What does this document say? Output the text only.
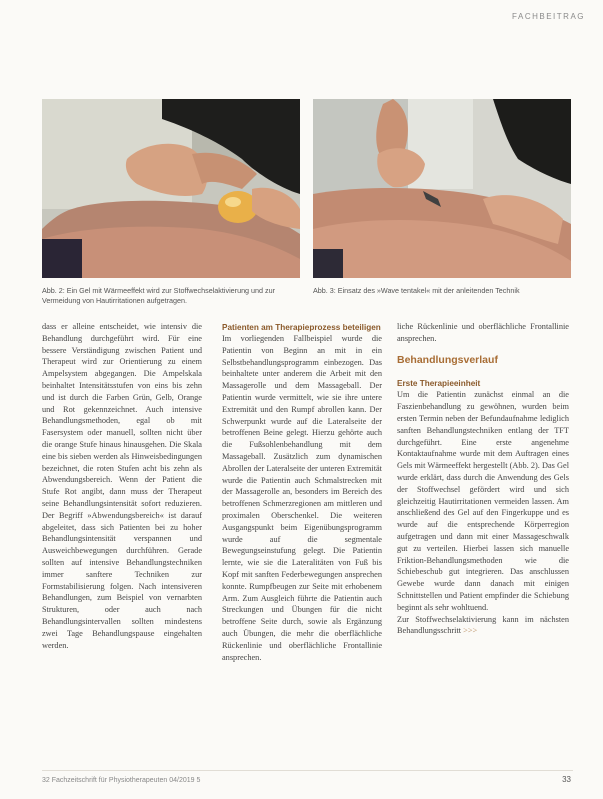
FACHBEITRAG
Abb. 2: Ein Gel mit Wärmeeffekt wird zur Stoffwechselaktivierung und zur Vermeidung von Hautirritationen aufgetragen.
Abb. 3: Einsatz des »Wave tentakel« mit der anleitenden Technik

dass er alleine entscheidet, wie intensiv die Behandlung durchgeführt wird. Für eine bessere Verständigung zwischen Patient und Therapeut wird zur Orientierung zu einem Ampelsystem abgegangen. Die Ampelskala beinhaltet Intensitätsstufen von eins bis zehn und ist durch die Farben Grün, Gelb, Orange und Rot gekennzeichnet. Auch intensive Behandlungsmethoden, egal ob mit Fasersystem oder manuell, sollten nicht über die orange Stufe hinaus hinausgehen. Die Skala eine bis sieben werden als Hinweisbedingungen bezeichnet, die roten Stufen acht bis zehn als Abwendungsbereich. Wenn der Patient die Stufe Rot angibt, dann muss der Therapeut seine Behandlungsintensität sofort reduzieren. Der Begriff »Abwendungsbereich« ist darauf abgeleitet, dass sich Patienten bei zu hoher Behandlungsintensität verspannen und Ausweichbewegungen durchführen. Gerade sollten auf intensive Behandlungstechniken immer sanftere Techniken zur Formstabilisierung folgen. Nach intensiveren Behandlungen, zum Beispiel von vernarbten Strukturen, oder auch nach Behandlungsintervallen sollten mindestens zwei Tage Behandlungspause eingehalten werden.

Patienten am Therapieprozess beteiligen

Im vorliegenden Fallbeispiel wurde die Patientin von Beginn an mit in ein Selbstbehandlungsprogramm einbezogen. Das beinhaltete unter anderem die Arbeit mit den Massagerolle und dem Massageball. Der Patientin wurde vermittelt, wie sie ihre untere Extremität und den Rumpf abrollen kann. Der Schwerpunkt wurde auf die Lateralseite der betroffenen Beine gelegt. Hierzu gehörte auch die Fußsohlenbehandlung mit dem Massageball. Zusätzlich zum dynamischen Abrollen der Lateralseite der unteren Extremität wurde die Patientin auch Schmalstrecken mit der Massagerolle an, besonders im Bereich des betroffenen Schmerzregionen am mittleren und proximalen Oberschenkel. Die weiteren Ausgangspunkt beim Eigenübungsprogramm wurde auf die segmentale Bewegungseinstufung gelegt. Die Patientin lernte, wie sie die Lateralitäten von Fuß bis Kopf mit sanften Federbewegungen ansprechen konnte. Rumpfbeugen zur Seite mit erhobenem Arm. Zum Ausgleich führte die Patientin auch Streckungen und Übungen für die nicht betroffene Seite durch, sowie als Ergänzung auch Übungen, die mehr die oberflächliche Rückenlinie und oberflächliche Frontallinie ansprechen.

liche Rückenlinie und oberflächliche Frontallinie ansprechen.

Behandlungsverlauf
Erste Therapieeinheit

Um die Patientin zunächst einmal an die Faszienbehandlung zu gewöhnen, wurden beim ersten Termin neben der Befundaufnahme lediglich sanften Behandlungstechniken entlang der TFT durchgeführt. Eine erste angenehme Kontaktaufnahme wurde mit dem Auftragen eines Gels mit Wärmeeffekt hergestellt (Abb. 2). Das Gel wurde erklärt, dass durch die Anwendung des Gels der Stoffwechsel gefördert wird und sich gleichzeitig Hautirritationen vermeiden lassen. Am anschließend des Gel auf den Fingerkuppe und es wurde auf die entsprechende Körperregion aufgetragen und dann mit einer Massageschwalk gut zu verteilen. Hierbei lassen sich manuelle Friktion-Behandlungsmethoden wie die Schiebeschub gut integrieren. Das anschlussen Gewebe wurde dann danach mit einigen Schnittstellen und Patient empfinder die Schiebung beginnt als sehr wohltuend.

Zur Stoffwechselaktivierung kann im nächsten Behandlungsschritt >>>

32 Fachzeitschrift für Physiotherapeuten 04/2019 5	33
